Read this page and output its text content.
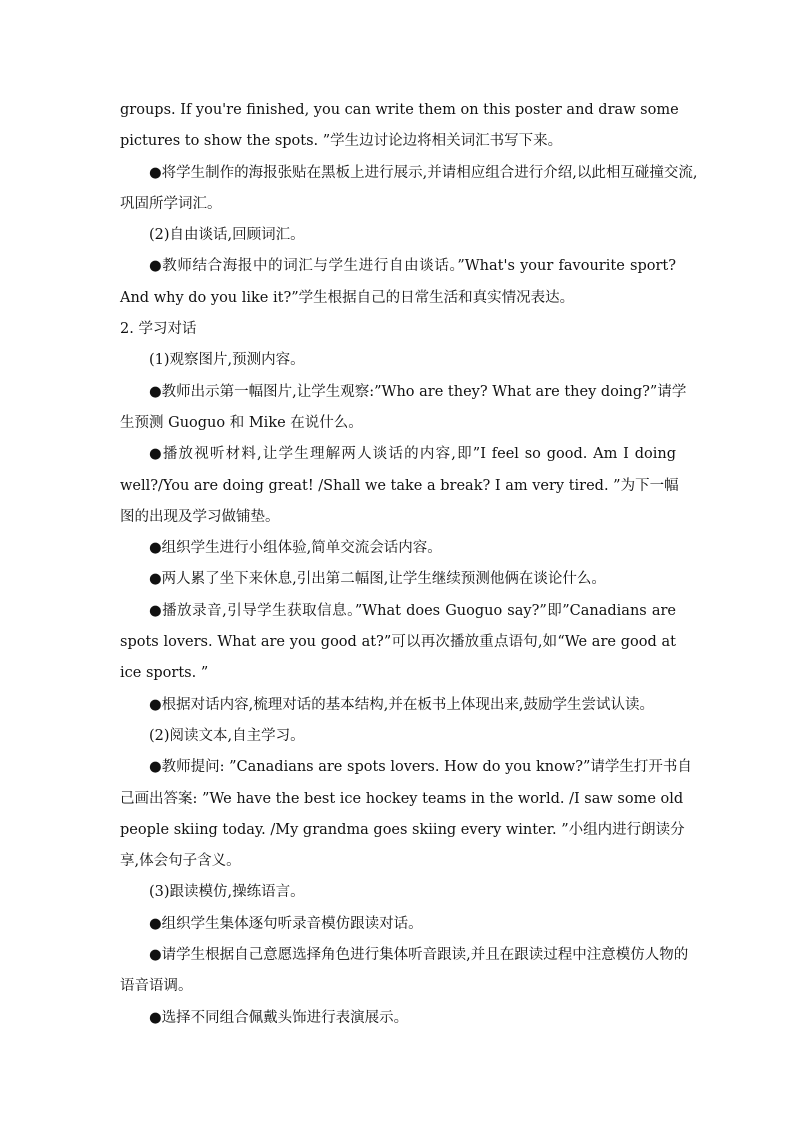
groups. If you're finished, you can write them on this poster and draw some
pictures to show the spots. ”学生边讨论边将相关词汇书写下来。
●将学生制作的海报张贴在黑板上进行展示,并请相应组合进行介绍,以此相互碰撞交流,
巩固所学词汇。
(2)自由谈话,回顾词汇。
●教师结合海报中的词汇与学生进行自由谈话。”What's your favourite sport?
And why do you like it?”学生根据自己的日常生活和真实情况表达。
2. 学习对话
(1)观察图片,预测内容。
●教师出示第一幅图片,让学生观察:”Who are they? What are they doing?”请学
生预测 Guoguo 和 Mike 在说什么。
●播放视听材料,让学生理解两人谈话的内容,即”I feel so good. Am I doing
well?/You are doing great! /Shall we take a break? I am very tired. ”为下一幅
图的出现及学习做铺垫。
●组织学生进行小组体验,简单交流会话内容。
●两人累了坐下来休息,引出第二幅图,让学生继续预测他俩在谈论什么。
●播放录音,引导学生获取信息。”What does Guoguo say?”即”Canadians are
spots lovers. What are you good at?”可以再次播放重点语句,如“We are good at
ice sports. ”
●根据对话内容,梳理对话的基本结构,并在板书上体现出来,鼓励学生尝试认读。
(2)阅读文本,自主学习。
●教师提问: ”Canadians are spots lovers. How do you know?”请学生打开书自
己画出答案: ”We have the best ice hockey teams in the world. /I saw some old
people skiing today. /My grandma goes skiing every winter. ”小组内进行朗读分
享,体会句子含义。
(3)跟读模仿,操练语言。
●组织学生集体逐句听录音模仿跟读对话。
●请学生根据自己意愿选择角色进行集体听音跟读,并且在跟读过程中注意模仿人物的
语音语调。
●选择不同组合佩戴头饰进行表演展示。
